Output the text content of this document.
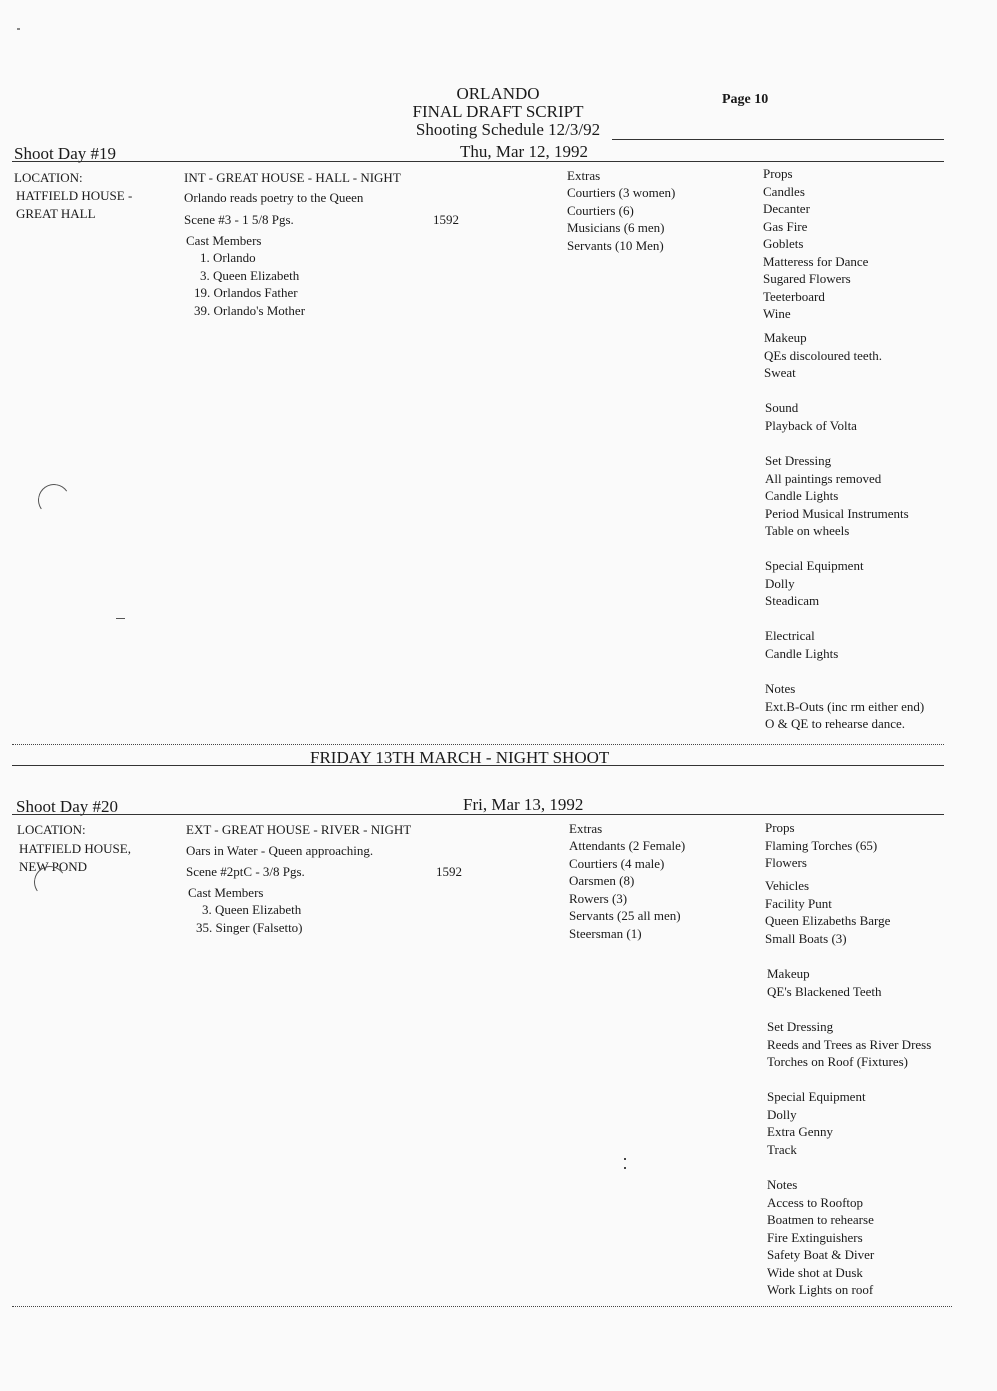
ORLANDO
FINAL DRAFT SCRIPT
Shooting Schedule 12/3/92
Page 10
Shoot Day #19	Thu, Mar 12, 1992
LOCATION:
HATFIELD HOUSE -
GREAT HALL
INT - GREAT HOUSE - HALL - NIGHT
Orlando reads poetry to the Queen
Scene #3 - 1 5/8 Pgs.	1592
Cast Members
1. Orlando
3. Queen Elizabeth
19. Orlandos Father
39. Orlando's Mother
Extras
Courtiers (3 women)
Courtiers (6)
Musicians (6 men)
Servants (10 Men)
Props
Candles
Decanter
Gas Fire
Goblets
Matteress for Dance
Sugared Flowers
Teeterboard
Wine
Makeup
QEs discoloured teeth.
Sweat
Sound
Playback of Volta
Set Dressing
All paintings removed
Candle Lights
Period Musical Instruments
Table on wheels
Special Equipment
Dolly
Steadicam
Electrical
Candle Lights
Notes
Ext.B-Outs (inc rm either end)
O & QE to rehearse dance.
FRIDAY 13TH MARCH - NIGHT SHOOT
Shoot Day #20	Fri, Mar 13, 1992
LOCATION:
HATFIELD HOUSE,
NEW POND
EXT - GREAT HOUSE - RIVER - NIGHT
Oars in Water - Queen approaching.
Scene #2ptC - 3/8 Pgs.	1592
Cast Members
3. Queen Elizabeth
35. Singer (Falsetto)
Extras
Attendants (2 Female)
Courtiers (4 male)
Oarsmen (8)
Rowers (3)
Servants (25 all men)
Steersman (1)
Props
Flaming Torches (65)
Flowers
Vehicles
Facility Punt
Queen Elizabeths Barge
Small Boats (3)
Makeup
QE's Blackened Teeth
Set Dressing
Reeds and Trees as River Dress
Torches on Roof (Fixtures)
Special Equipment
Dolly
Extra Genny
Track
Notes
Access to Rooftop
Boatmen to rehearse
Fire Extinguishers
Safety Boat & Diver
Wide shot at Dusk
Work Lights on roof
